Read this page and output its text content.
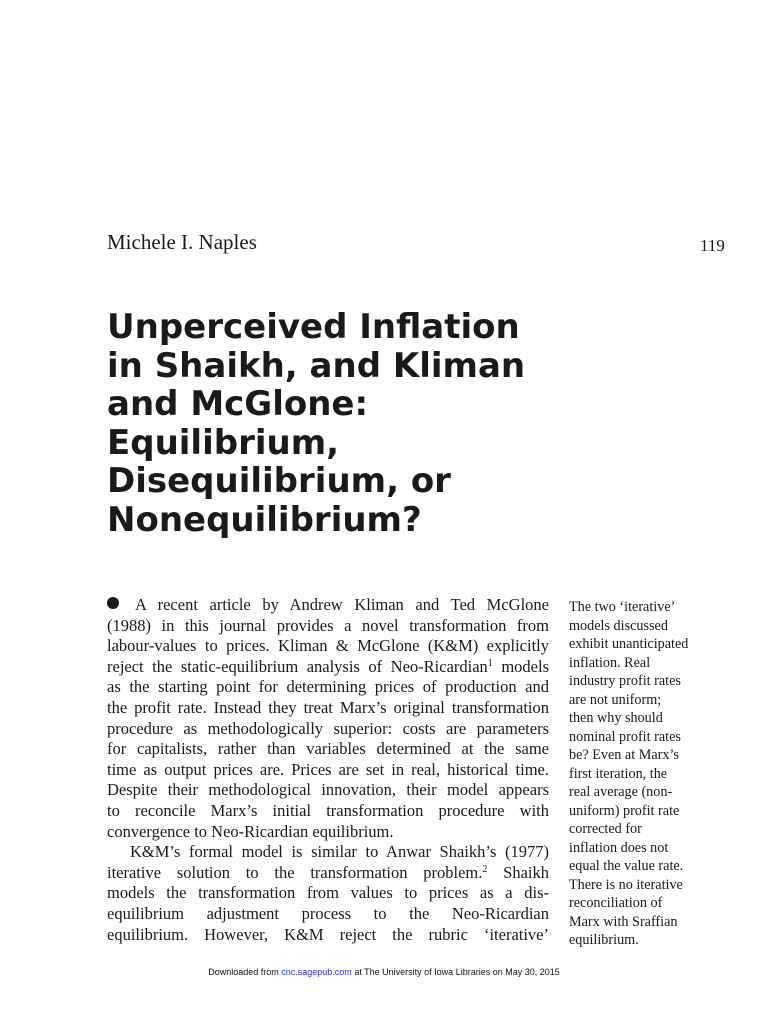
Michele I. Naples	119
Unperceived Inflation
in Shaikh, and Kliman
and McGlone:
Equilibrium,
Disequilibrium, or
Nonequilibrium?
A recent article by Andrew Kliman and Ted McGlone
(1988) in this journal provides a novel transformation from
labour-values to prices. Kliman & McGlone (K&M) explicitly
reject the static-equilibrium analysis of Neo-Ricardian$^1$ models
as the starting point for determining prices of production and
the profit rate. Instead they treat Marx’s original transformation
procedure as methodologically superior: costs are parameters
for capitalists, rather than variables determined at the same
time as output prices are. Prices are set in real, historical time.
Despite their methodological innovation, their model appears
to reconcile Marx’s initial transformation procedure with
convergence to Neo-Ricardian equilibrium.
K&M’s formal model is similar to Anwar Shaikh’s (1977)
iterative solution to the transformation problem.$^2$ Shaikh
models the transformation from values to prices as a dis-
equilibrium adjustment process to the Neo-Ricardian
equilibrium. However, K&M reject the rubric ‘iterative’
The two ‘iterative’
models discussed
exhibit unanticipated
inflation. Real
industry profit rates
are not uniform;
then why should
nominal profit rates
be? Even at Marx’s
first iteration, the
real average (non-
uniform) profit rate
corrected for
inflation does not
equal the value rate.
There is no iterative
reconciliation of
Marx with Sraffian
equilibrium.
Downloaded from cnc.sagepub.com at The University of Iowa Libraries on May 30, 2015
